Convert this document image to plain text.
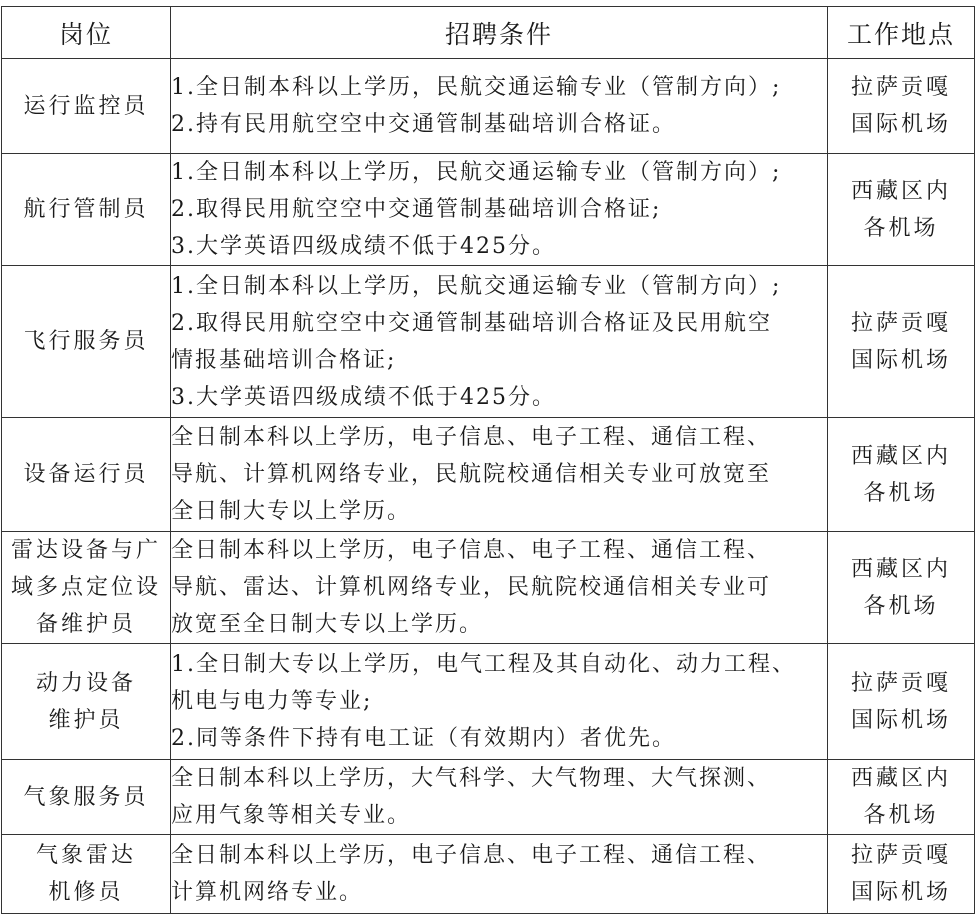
岗位	招聘条件	工作地点

运行监控员	1.全日制本科以上学历，民航交通运输专业（管制方向）;
2.持有民用航空空中交通管制基础培训合格证。	拉萨贡嘎
国际机场

航行管制员	1.全日制本科以上学历，民航交通运输专业（管制方向）;
2.取得民用航空空中交通管制基础培训合格证;
3.大学英语四级成绩不低于425分。	西藏区内
各机场

飞行服务员	1.全日制本科以上学历，民航交通运输专业（管制方向）;
2.取得民用航空空中交通管制基础培训合格证及民用航空
情报基础培训合格证;
3.大学英语四级成绩不低于425分。	拉萨贡嘎
国际机场

设备运行员	全日制本科以上学历，电子信息、电子工程、通信工程、
导航、计算机网络专业，民航院校通信相关专业可放宽至
全日制大专以上学历。	西藏区内
各机场

雷达设备与广
域多点定位设
备维护员	全日制本科以上学历，电子信息、电子工程、通信工程、
导航、雷达、计算机网络专业，民航院校通信相关专业可
放宽至全日制大专以上学历。	西藏区内
各机场

动力设备
维护员	1.全日制大专以上学历，电气工程及其自动化、动力工程、
机电与电力等专业;
2.同等条件下持有电工证（有效期内）者优先。	拉萨贡嘎
国际机场

气象服务员	全日制本科以上学历，大气科学、大气物理、大气探测、
应用气象等相关专业。	西藏区内
各机场

气象雷达
机修员	全日制本科以上学历，电子信息、电子工程、通信工程、
计算机网络专业。	拉萨贡嘎
国际机场
